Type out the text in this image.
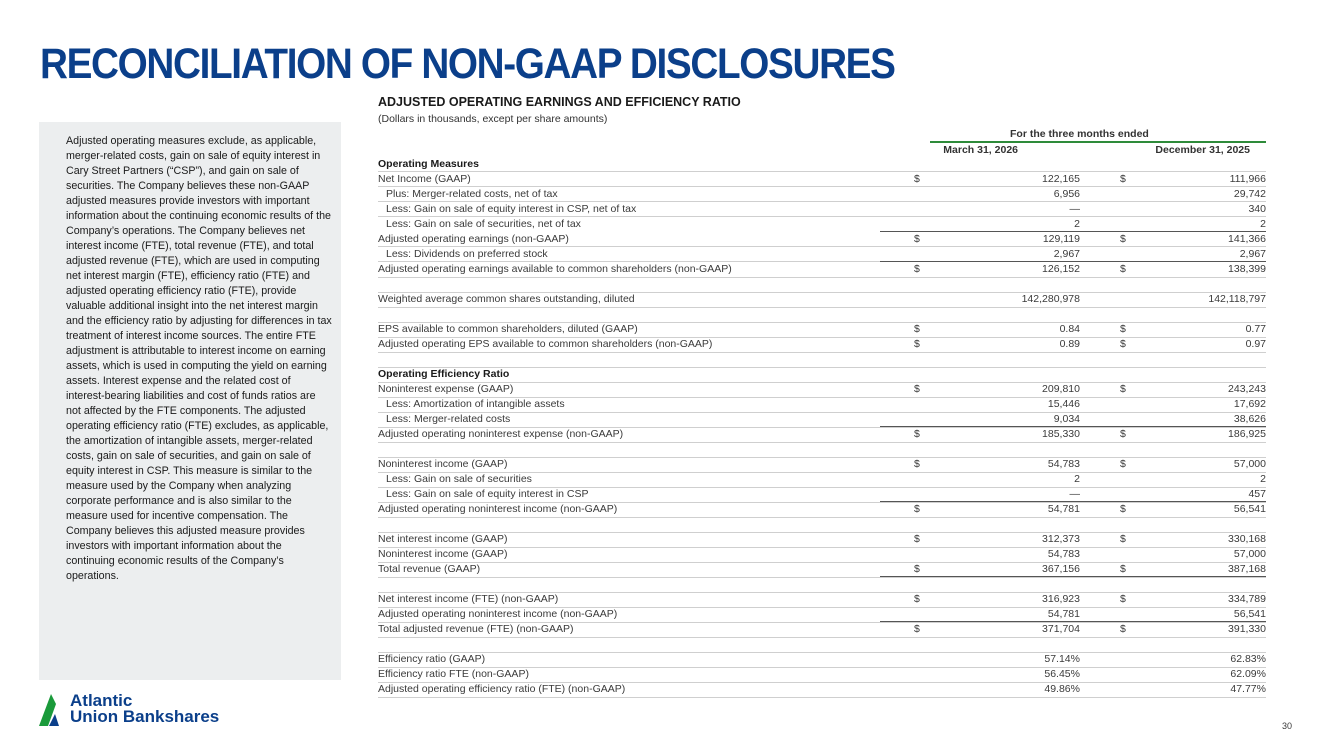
RECONCILIATION OF NON-GAAP DISCLOSURES

Adjusted operating measures exclude, as applicable, merger-related costs, gain on sale of equity interest in Cary Street Partners (“CSP”), and gain on sale of securities. The Company believes these non-GAAP adjusted measures provide investors with important information about the continuing economic results of the Company’s operations. The Company believes net interest income (FTE), total revenue (FTE), and total adjusted revenue (FTE), which are used in computing net interest margin (FTE), efficiency ratio (FTE) and adjusted operating efficiency ratio (FTE), provide valuable additional insight into the net interest margin and the efficiency ratio by adjusting for differences in tax treatment of interest income sources. The entire FTE adjustment is attributable to interest income on earning assets, which is used in computing the yield on earning assets. Interest expense and the related cost of interest-bearing liabilities and cost of funds ratios are not affected by the FTE components. The adjusted operating efficiency ratio (FTE) excludes, as applicable, the amortization of intangible assets, merger-related costs, gain on sale of securities, and gain on sale of equity interest in CSP. This measure is similar to the measure used by the Company when analyzing corporate performance and is also similar to the measure used for incentive compensation. The Company believes this adjusted measure provides investors with important information about the continuing economic results of the Company’s operations.

Atlantic
Union Bankshares	30
ADJUSTED OPERATING EARNINGS AND EFFICIENCY RATIO
(Dollars in thousands, except per share amounts)
For the three months ended
March 31, 2026	December 31, 2025
Operating Measures
Net Income (GAAP)	$	122,165	$	111,966
Plus: Merger-related costs, net of tax	6,956	29,742
Less: Gain on sale of equity interest in CSP, net of tax	—	340
Less: Gain on sale of securities, net of tax	2	2
Adjusted operating earnings (non-GAAP)	$	129,119	$	141,366
Less: Dividends on preferred stock	2,967	2,967
Adjusted operating earnings available to common shareholders (non-GAAP)	$	126,152	$	138,399
Weighted average common shares outstanding, diluted	142,280,978	142,118,797
EPS available to common shareholders, diluted (GAAP)	$	0.84	$	0.77
Adjusted operating EPS available to common shareholders (non-GAAP)	$	0.89	$	0.97
Operating Efficiency Ratio
Noninterest expense (GAAP)	$	209,810	$	243,243
Less: Amortization of intangible assets	15,446	17,692
Less: Merger-related costs	9,034	38,626
Adjusted operating noninterest expense (non-GAAP)	$	185,330	$	186,925
Noninterest income (GAAP)	$	54,783	$	57,000
Less: Gain on sale of securities	2	2
Less: Gain on sale of equity interest in CSP	—	457
Adjusted operating noninterest income (non-GAAP)	$	54,781	$	56,541
Net interest income (GAAP)	$	312,373	$	330,168
Noninterest income (GAAP)	54,783	57,000
Total revenue (GAAP)	$	367,156	$	387,168
Net interest income (FTE) (non-GAAP)	$	316,923	$	334,789
Adjusted operating noninterest income (non-GAAP)	54,781	56,541
Total adjusted revenue (FTE) (non-GAAP)	$	371,704	$	391,330
Efficiency ratio (GAAP)	57.14%	62.83%
Efficiency ratio FTE (non-GAAP)	56.45%	62.09%
Adjusted operating efficiency ratio (FTE) (non-GAAP)	49.86%	47.77%
